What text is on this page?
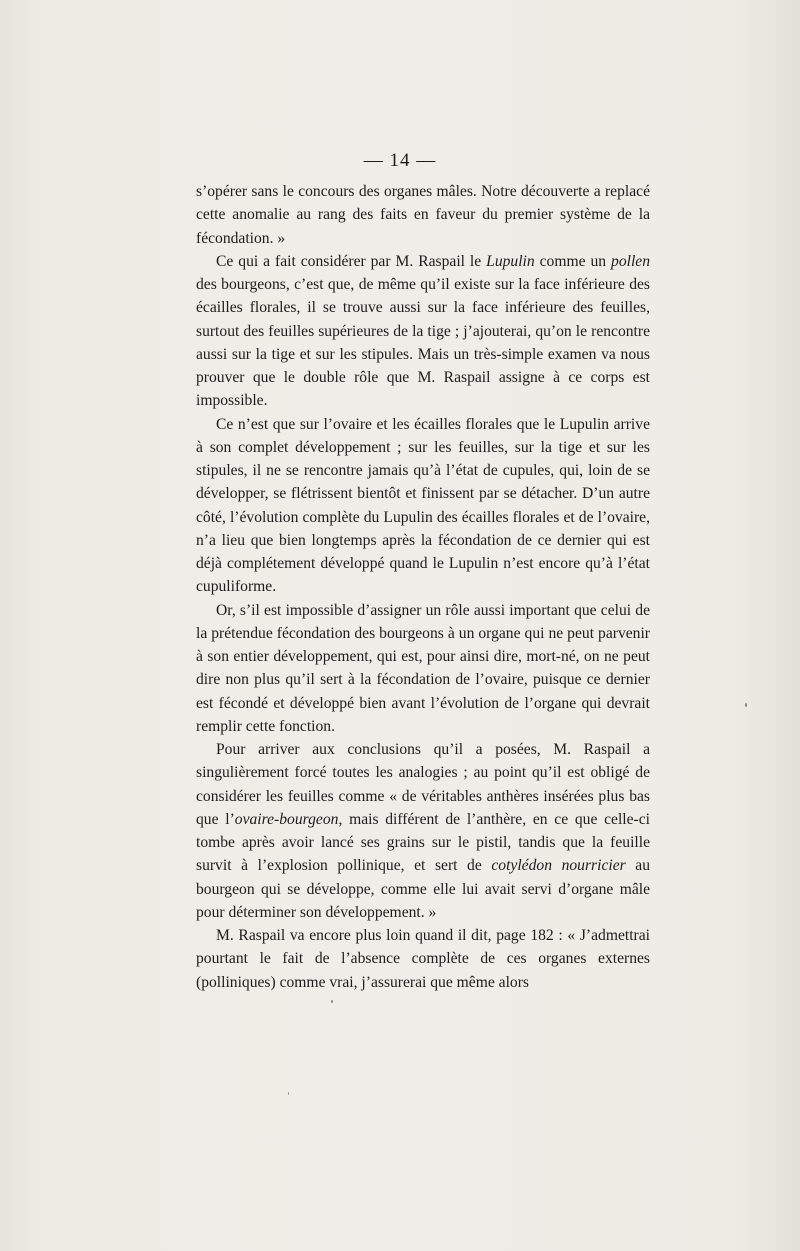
— 14 —

s’opérer sans le concours des organes mâles. Notre découverte a replacé cette anomalie au rang des faits en faveur du premier système de la fécondation. »

Ce qui a fait considérer par M. Raspail le Lupulin comme un pollen des bourgeons, c’est que, de même qu’il existe sur la face inférieure des écailles florales, il se trouve aussi sur la face inférieure des feuilles, surtout des feuilles supérieures de la tige ; j’ajouterai, qu’on le rencontre aussi sur la tige et sur les stipules. Mais un très-simple examen va nous prouver que le double rôle que M. Raspail assigne à ce corps est impossible.

Ce n’est que sur l’ovaire et les écailles florales que le Lupulin arrive à son complet développement ; sur les feuilles, sur la tige et sur les stipules, il ne se rencontre jamais qu’à l’état de cupules, qui, loin de se développer, se flétrissent bientôt et finissent par se détacher. D’un autre côté, l’évolution complète du Lupulin des écailles florales et de l’ovaire, n’a lieu que bien longtemps après la fécondation de ce dernier qui est déjà complétement développé quand le Lupulin n’est encore qu’à l’état cupuliforme.

Or, s’il est impossible d’assigner un rôle aussi important que celui de la prétendue fécondation des bourgeons à un organe qui ne peut parvenir à son entier développement, qui est, pour ainsi dire, mort-né, on ne peut dire non plus qu’il sert à la fécondation de l’ovaire, puisque ce dernier est fécondé et développé bien avant l’évolution de l’organe qui devrait remplir cette fonction.

Pour arriver aux conclusions qu’il a posées, M. Raspail a singulièrement forcé toutes les analogies ; au point qu’il est obligé de considérer les feuilles comme « de véritables anthères insérées plus bas que l’ovaire-bourgeon, mais différent de l’anthère, en ce que celle-ci tombe après avoir lancé ses grains sur le pistil, tandis que la feuille survit à l’explosion pollinique, et sert de cotylédon nourricier au bourgeon qui se développe, comme elle lui avait servi d’organe mâle pour déterminer son développement. »

M. Raspail va encore plus loin quand il dit, page 182 : « J’admettrai pourtant le fait de l’absence complète de ces organes externes (polliniques) comme vrai, j’assurerai que même alors
